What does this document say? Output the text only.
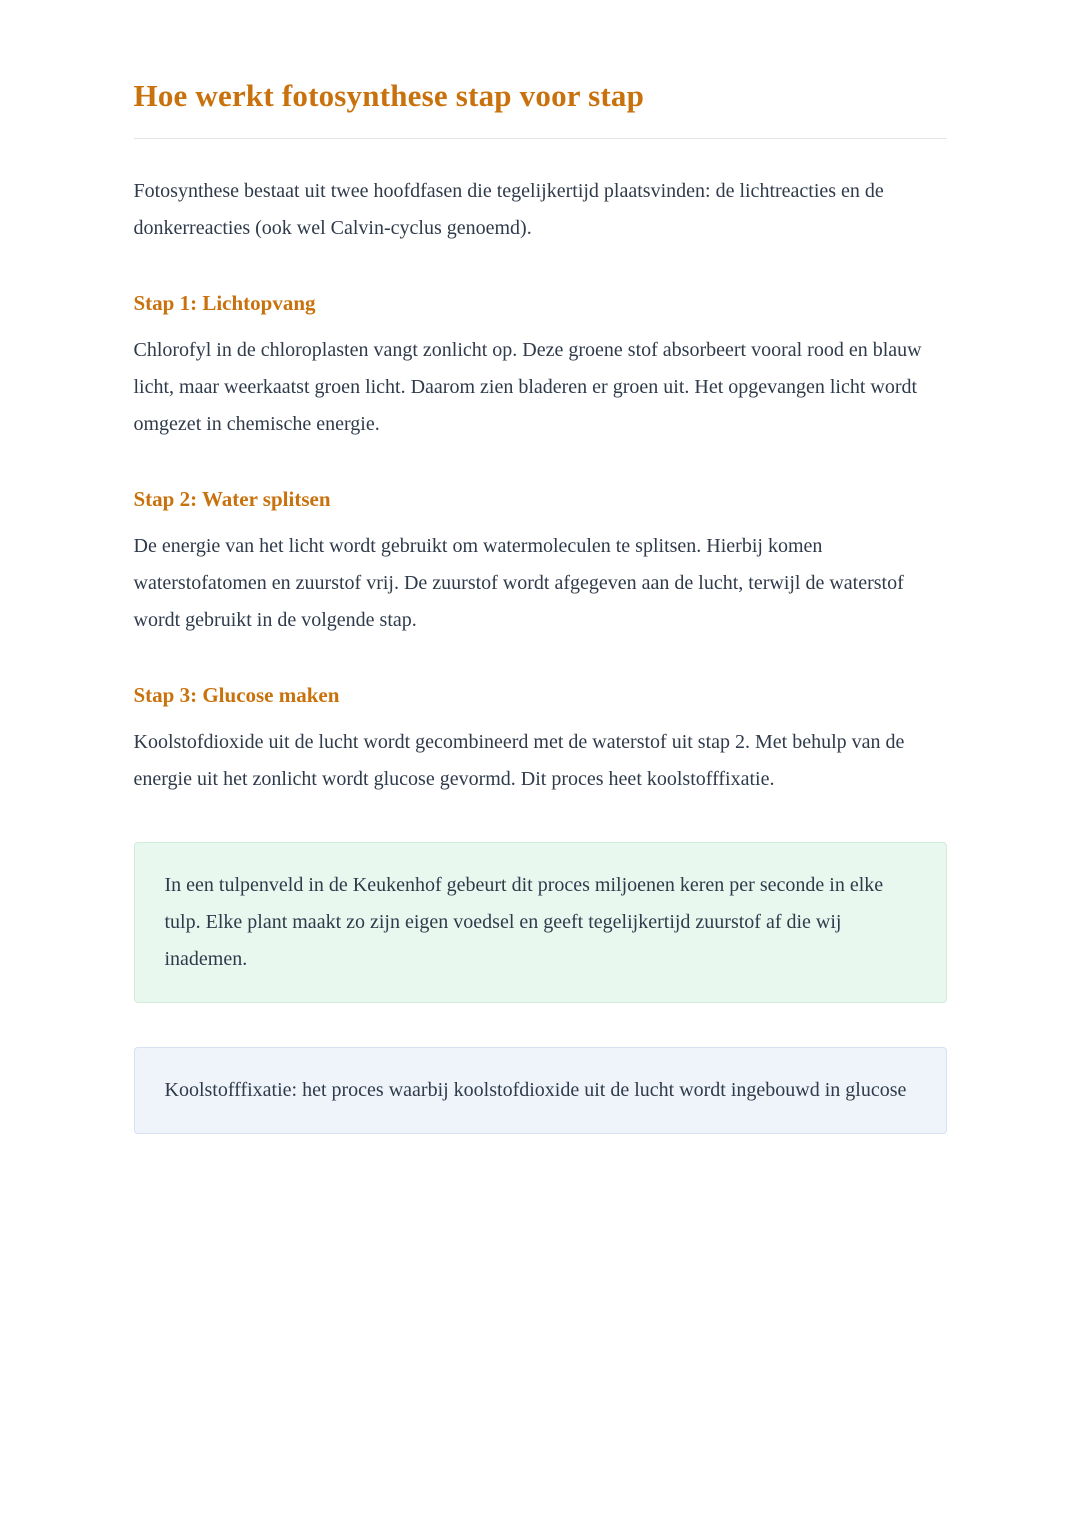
Hoe werkt fotosynthese stap voor stap

Fotosynthese bestaat uit twee hoofdfasen die tegelijkertijd plaatsvinden: de lichtreacties en de donkerreacties (ook wel Calvin-cyclus genoemd).

Stap 1: Lichtopvang

Chlorofyl in de chloroplasten vangt zonlicht op. Deze groene stof absorbeert vooral rood en blauw licht, maar weerkaatst groen licht. Daarom zien bladeren er groen uit. Het opgevangen licht wordt omgezet in chemische energie.

Stap 2: Water splitsen

De energie van het licht wordt gebruikt om watermoleculen te splitsen. Hierbij komen waterstofatomen en zuurstof vrij. De zuurstof wordt afgegeven aan de lucht, terwijl de waterstof wordt gebruikt in de volgende stap.

Stap 3: Glucose maken

Koolstofdioxide uit de lucht wordt gecombineerd met de waterstof uit stap 2. Met behulp van de energie uit het zonlicht wordt glucose gevormd. Dit proces heet koolstofffixatie.

In een tulpenveld in de Keukenhof gebeurt dit proces miljoenen keren per seconde in elke tulp. Elke plant maakt zo zijn eigen voedsel en geeft tegelijkertijd zuurstof af die wij inademen.
Koolstofffixatie: het proces waarbij koolstofdioxide uit de lucht wordt ingebouwd in glucose
